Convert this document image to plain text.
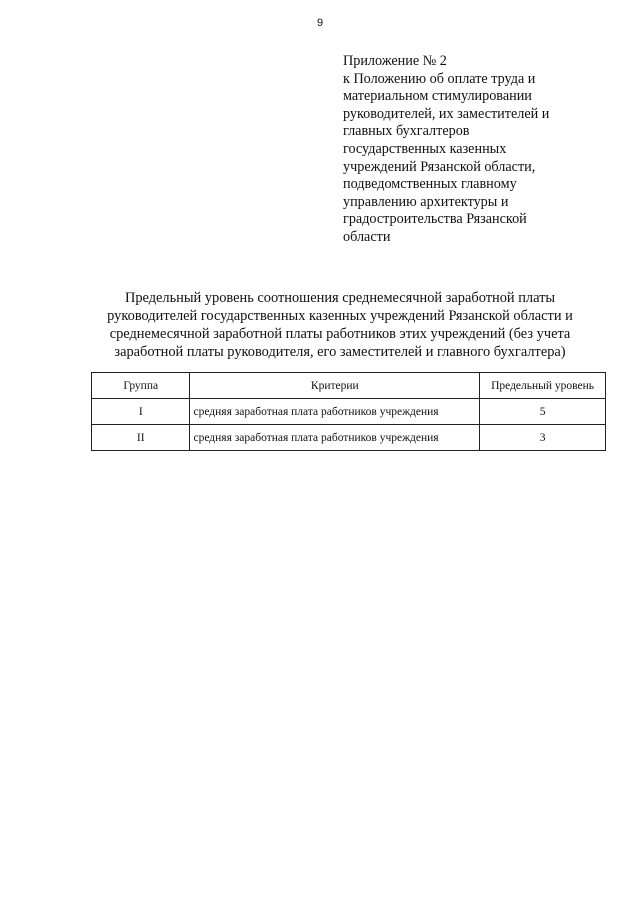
9
Приложение № 2
к Положению об оплате труда и
материальном стимулировании
руководителей, их заместителей и
главных бухгалтеров
государственных казенных
учреждений Рязанской области,
подведомственных главному
управлению архитектуры и
градостроительства Рязанской
области
Предельный уровень соотношения среднемесячной заработной платы
руководителей государственных казенных учреждений Рязанской области и
среднемесячной заработной платы работников этих учреждений (без учета
заработной платы руководителя, его заместителей и главного бухгалтера)
Группа	Критерии	Предельный уровень
I	средняя заработная плата работников учреждения	5
II	средняя заработная плата работников учреждения	3
